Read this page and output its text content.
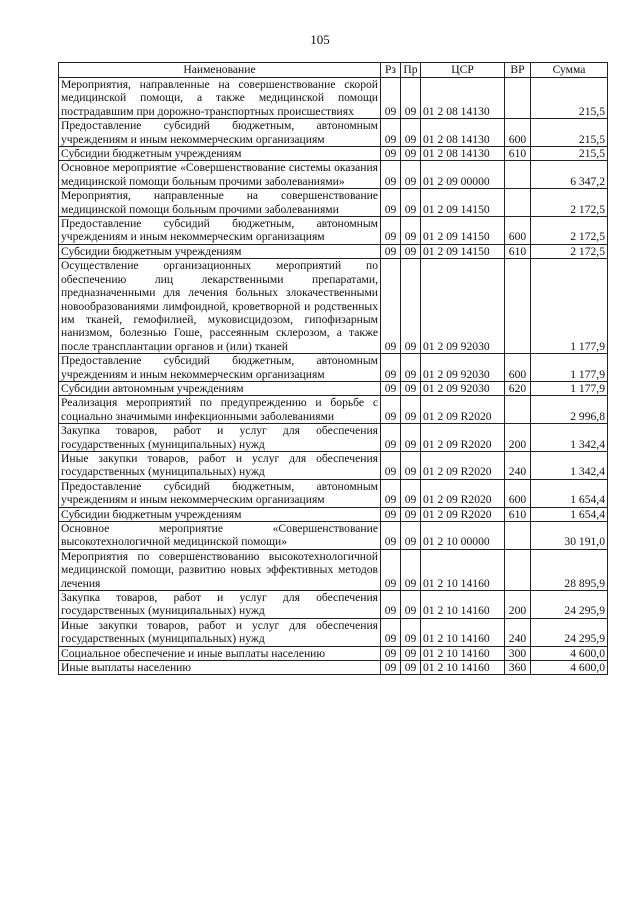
105
Наименование	Рз	Пр	ЦСР	ВР	Сумма
Мероприятия, направленные на совершенствование скорой медицинской помощи, а также медицинской помощи пострадавшим при дорожно-транспортных происшествиях	09	09	01 2 08 14130		215,5
Предоставление субсидий бюджетным, автономным учреждениям и иным некоммерческим организациям	09	09	01 2 08 14130	600	215,5
Субсидии бюджетным учреждениям	09	09	01 2 08 14130	610	215,5
Основное мероприятие «Совершенствование системы оказания медицинской помощи больным прочими заболеваниями»	09	09	01 2 09 00000		6 347,2
Мероприятия, направленные на совершенствование медицинской помощи больным прочими заболеваниями	09	09	01 2 09 14150		2 172,5
Предоставление субсидий бюджетным, автономным учреждениям и иным некоммерческим организациям	09	09	01 2 09 14150	600	2 172,5
Субсидии бюджетным учреждениям	09	09	01 2 09 14150	610	2 172,5
Осуществление организационных мероприятий по обеспечению лиц лекарственными препаратами, предназначенными для лечения больных злокачественными новообразованиями лимфоидной, кроветворной и родственных им тканей, гемофилией, муковисцидозом, гипофизарным нанизмом, болезнью Гоше, рассеянным склерозом, а также после трансплантации органов и (или) тканей	09	09	01 2 09 92030		1 177,9
Предоставление субсидий бюджетным, автономным учреждениям и иным некоммерческим организациям	09	09	01 2 09 92030	600	1 177,9
Субсидии автономным учреждениям	09	09	01 2 09 92030	620	1 177,9
Реализация мероприятий по предупреждению и борьбе с социально значимыми инфекционными заболеваниями	09	09	01 2 09 R2020		2 996,8
Закупка товаров, работ и услуг для обеспечения государственных (муниципальных) нужд	09	09	01 2 09 R2020	200	1 342,4
Иные закупки товаров, работ и услуг для обеспечения государственных (муниципальных) нужд	09	09	01 2 09 R2020	240	1 342,4
Предоставление субсидий бюджетным, автономным учреждениям и иным некоммерческим организациям	09	09	01 2 09 R2020	600	1 654,4
Субсидии бюджетным учреждениям	09	09	01 2 09 R2020	610	1 654,4
Основное мероприятие «Совершенствование высокотехнологичной медицинской помощи»	09	09	01 2 10 00000		30 191,0
Мероприятия по совершенствованию высокотехнологичной медицинской помощи, развитию новых эффективных методов лечения	09	09	01 2 10 14160		28 895,9
Закупка товаров, работ и услуг для обеспечения государственных (муниципальных) нужд	09	09	01 2 10 14160	200	24 295,9
Иные закупки товаров, работ и услуг для обеспечения государственных (муниципальных) нужд	09	09	01 2 10 14160	240	24 295,9
Социальное обеспечение и иные выплаты населению	09	09	01 2 10 14160	300	4 600,0
Иные выплаты населению	09	09	01 2 10 14160	360	4 600,0
